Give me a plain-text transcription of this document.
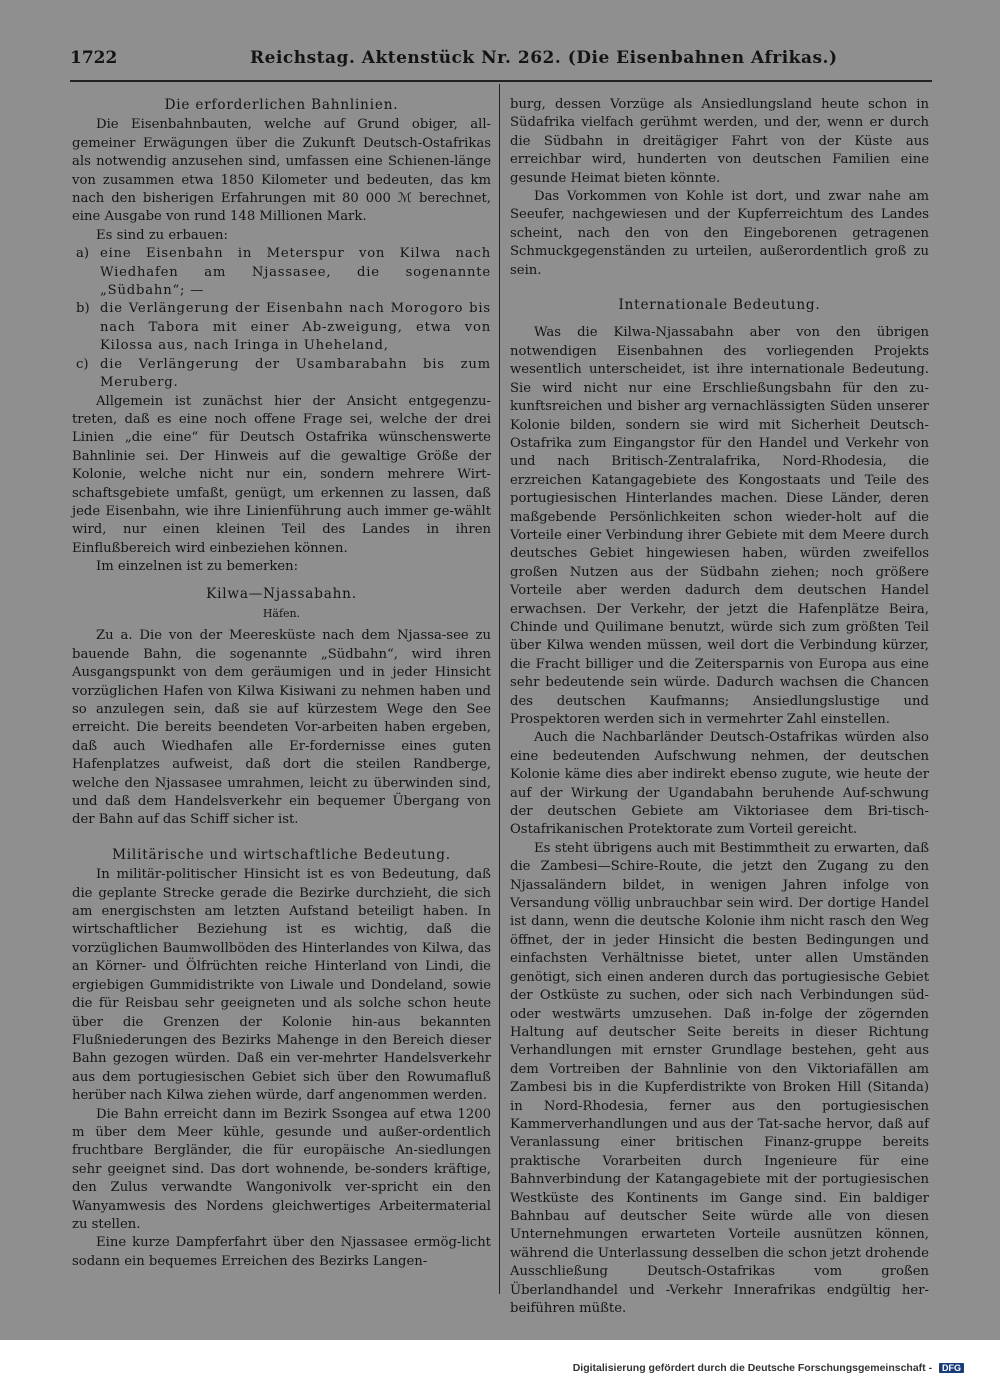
1722	Reichstag. Aktenstück Nr. 262. (Die Eisenbahnen Afrikas.)
Die erforderlichen Bahnlinien.

Die Eisenbahnbauten, welche auf Grund obiger, all-gemeiner Erwägungen über die Zukunft Deutsch-Ostafrikas als notwendig anzusehen sind, umfassen eine Schienen-länge von zusammen etwa 1850 Kilometer und bedeuten, das km nach den bisherigen Erfahrungen mit 80 000 ℳ berechnet, eine Ausgabe von rund 148 Millionen Mark.

Es sind zu erbauen:

a) eine Eisenbahn in Meterspur von Kilwa nach Wiedhafen am Njassasee, die sogenannte „Südbahn“; —
b) die Verlängerung der Eisenbahn nach Morogoro bis nach Tabora mit einer Ab-zweigung, etwa von Kilossa aus, nach Iringa in Uheheland,
c) die Verlängerung der Usambarabahn bis zum Meruberg.

Allgemein ist zunächst hier der Ansicht entgegenzu-treten, daß es eine noch offene Frage sei, welche der drei Linien „die eine“ für Deutsch Ostafrika wünschenswerte Bahnlinie sei. Der Hinweis auf die gewaltige Größe der Kolonie, welche nicht nur ein, sondern mehrere Wirt-schaftsgebiete umfaßt, genügt, um erkennen zu lassen, daß jede Eisenbahn, wie ihre Linienführung auch immer ge-wählt wird, nur einen kleinen Teil des Landes in ihren Einflußbereich wird einbeziehen können.

Im einzelnen ist zu bemerken:

Kilwa—Njassabahn.
Häfen.

Zu a. Die von der Meeresküste nach dem Njassa-see zu bauende Bahn, die sogenannte „Südbahn“, wird ihren Ausgangspunkt von dem geräumigen und in jeder Hinsicht vorzüglichen Hafen von Kilwa Kisiwani zu nehmen haben und so anzulegen sein, daß sie auf kürzestem Wege den See erreicht. Die bereits beendeten Vor-arbeiten haben ergeben, daß auch Wiedhafen alle Er-fordernisse eines guten Hafenplatzes aufweist, daß dort die steilen Randberge, welche den Njassasee umrahmen, leicht zu überwinden sind, und daß dem Handelsverkehr ein bequemer Übergang von der Bahn auf das Schiff sicher ist.

Militärische und wirtschaftliche Bedeutung.

In militär-politischer Hinsicht ist es von Bedeutung, daß die geplante Strecke gerade die Bezirke durchzieht, die sich am energischsten am letzten Aufstand beteiligt haben. In wirtschaftlicher Beziehung ist es wichtig, daß die vorzüglichen Baumwollböden des Hinterlandes von Kilwa, das an Körner- und Ölfrüchten reiche Hinterland von Lindi, die ergiebigen Gummidistrikte von Liwale und Dondeland, sowie die für Reisbau sehr geeigneten und als solche schon heute über die Grenzen der Kolonie hin-aus bekannten Flußniederungen des Bezirks Mahenge in den Bereich dieser Bahn gezogen würden. Daß ein ver-mehrter Handelsverkehr aus dem portugiesischen Gebiet sich über den Rowumafluß herüber nach Kilwa ziehen würde, darf angenommen werden.

Die Bahn erreicht dann im Bezirk Ssongea auf etwa 1200 m über dem Meer kühle, gesunde und außer-ordentlich fruchtbare Bergländer, die für europäische An-siedlungen sehr geeignet sind. Das dort wohnende, be-sonders kräftige, den Zulus verwandte Wangonivolk ver-spricht ein den Wanyamwesis des Nordens gleichwertiges Arbeitermaterial zu stellen.

Eine kurze Dampferfahrt über den Njassasee ermög-licht sodann ein bequemes Erreichen des Bezirks Langen-

burg, dessen Vorzüge als Ansiedlungsland heute schon in Südafrika vielfach gerühmt werden, und der, wenn er durch die Südbahn in dreitägiger Fahrt von der Küste aus erreichbar wird, hunderten von deutschen Familien eine gesunde Heimat bieten könnte.

Das Vorkommen von Kohle ist dort, und zwar nahe am Seeufer, nachgewiesen und der Kupferreichtum des Landes scheint, nach den von den Eingeborenen getragenen Schmuckgegenständen zu urteilen, außerordentlich groß zu sein.

Internationale Bedeutung.

Was die Kilwa-Njassabahn aber von den übrigen notwendigen Eisenbahnen des vorliegenden Projekts wesentlich unterscheidet, ist ihre internationale Bedeutung. Sie wird nicht nur eine Erschließungsbahn für den zu-kunftsreichen und bisher arg vernachlässigten Süden unserer Kolonie bilden, sondern sie wird mit Sicherheit Deutsch-Ostafrika zum Eingangstor für den Handel und Verkehr von und nach Britisch-Zentralafrika, Nord-Rhodesia, die erzreichen Katangagebiete des Kongostaats und Teile des portugiesischen Hinterlandes machen. Diese Länder, deren maßgebende Persönlichkeiten schon wieder-holt auf die Vorteile einer Verbindung ihrer Gebiete mit dem Meere durch deutsches Gebiet hingewiesen haben, würden zweifellos großen Nutzen aus der Südbahn ziehen; noch größere Vorteile aber werden dadurch dem deutschen Handel erwachsen. Der Verkehr, der jetzt die Hafenplätze Beira, Chinde und Quilimane benutzt, würde sich zum größten Teil über Kilwa wenden müssen, weil dort die Verbindung kürzer, die Fracht billiger und die Zeitersparnis von Europa aus eine sehr bedeutende sein würde. Dadurch wachsen die Chancen des deutschen Kaufmanns; Ansiedlungslustige und Prospektoren werden sich in vermehrter Zahl einstellen.

Auch die Nachbarländer Deutsch-Ostafrikas würden also eine bedeutenden Aufschwung nehmen, der deutschen Kolonie käme dies aber indirekt ebenso zugute, wie heute der auf der Wirkung der Ugandabahn beruhende Auf-schwung der deutschen Gebiete am Viktoriasee dem Bri-tisch-Ostafrikanischen Protektorate zum Vorteil gereicht.

Es steht übrigens auch mit Bestimmtheit zu erwarten, daß die Zambesi—Schire-Route, die jetzt den Zugang zu den Njassaländern bildet, in wenigen Jahren infolge von Versandung völlig unbrauchbar sein wird. Der dortige Handel ist dann, wenn die deutsche Kolonie ihm nicht rasch den Weg öffnet, der in jeder Hinsicht die besten Bedingungen und einfachsten Verhältnisse bietet, unter allen Umständen genötigt, sich einen anderen durch das portugiesische Gebiet der Ostküste zu suchen, oder sich nach Verbindungen süd- oder westwärts umzusehen. Daß in-folge der zögernden Haltung auf deutscher Seite bereits in dieser Richtung Verhandlungen mit ernster Grundlage bestehen, geht aus dem Vortreiben der Bahnlinie von den Viktoriafällen am Zambesi bis in die Kupferdistrikte von Broken Hill (Sitanda) in Nord-Rhodesia, ferner aus den portugiesischen Kammerverhandlungen und aus der Tat-sache hervor, daß auf Veranlassung einer britischen Finanz-gruppe bereits praktische Vorarbeiten durch Ingenieure für eine Bahnverbindung der Katangagebiete mit der portugiesischen Westküste des Kontinents im Gange sind. Ein baldiger Bahnbau auf deutscher Seite würde alle von diesen Unternehmungen erwarteten Vorteile ausnützen können, während die Unterlassung desselben die schon jetzt drohende Ausschließung Deutsch-Ostafrikas vom großen Überlandhandel und -Verkehr Innerafrikas endgültig her-beiführen müßte.

Digitalisierung gefördert durch die Deutsche Forschungsgemeinschaft - DFG
